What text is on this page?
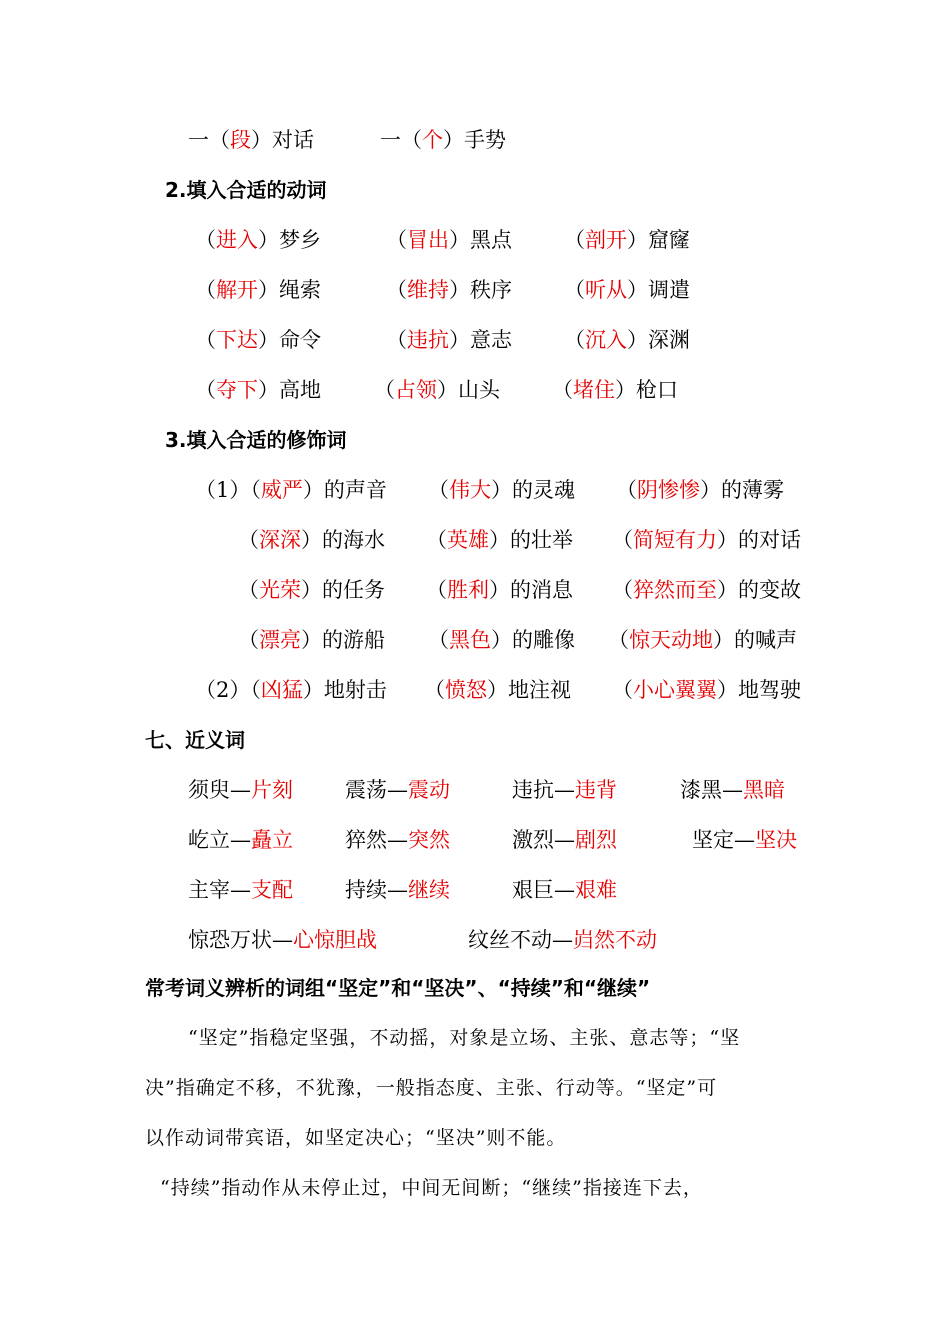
一（段）对话	一（个）手势
2.填入合适的动词
（进入）梦乡	（冒出）黑点 （剖开）窟窿
（解开）绳索	（维持）秩序 （听从）调遣
（下达）命令	（违抗）意志 （沉入）深渊
（夺下）高地	（占领）山头 （堵住）枪口
3.填入合适的修饰词
（1）（威严）的声音 （伟大）的灵魂 （阴惨惨）的薄雾
（深深）的海水 （英雄）的壮举 （简短有力）的对话
（光荣）的任务 （胜利）的消息 （猝然而至）的变故
（漂亮）的游船 （黑色）的雕像 （惊天动地）的喊声
（2）（凶猛）地射击 （愤怒）地注视 （小心翼翼）地驾驶
七、近义词
须臾—片刻 震荡—震动	违抗—违背	漆黑—黑暗
屹立—矗立 猝然—突然	激烈—剧烈	坚定—坚决
主宰—支配 持续—继续	艰巨—艰难
惊恐万状—心惊胆战	纹丝不动—岿然不动
常考词义辨析的词组“坚定”和“坚决”、“持续”和“继续”
“坚定”指稳定坚强，不动摇，对象是立场、主张、意志等；“坚
决”指确定不移，不犹豫，一般指态度、主张、行动等。“坚定”可
以作动词带宾语，如坚定决心；“坚决”则不能。
“持续”指动作从未停止过，中间无间断；“继续”指接连下去，
